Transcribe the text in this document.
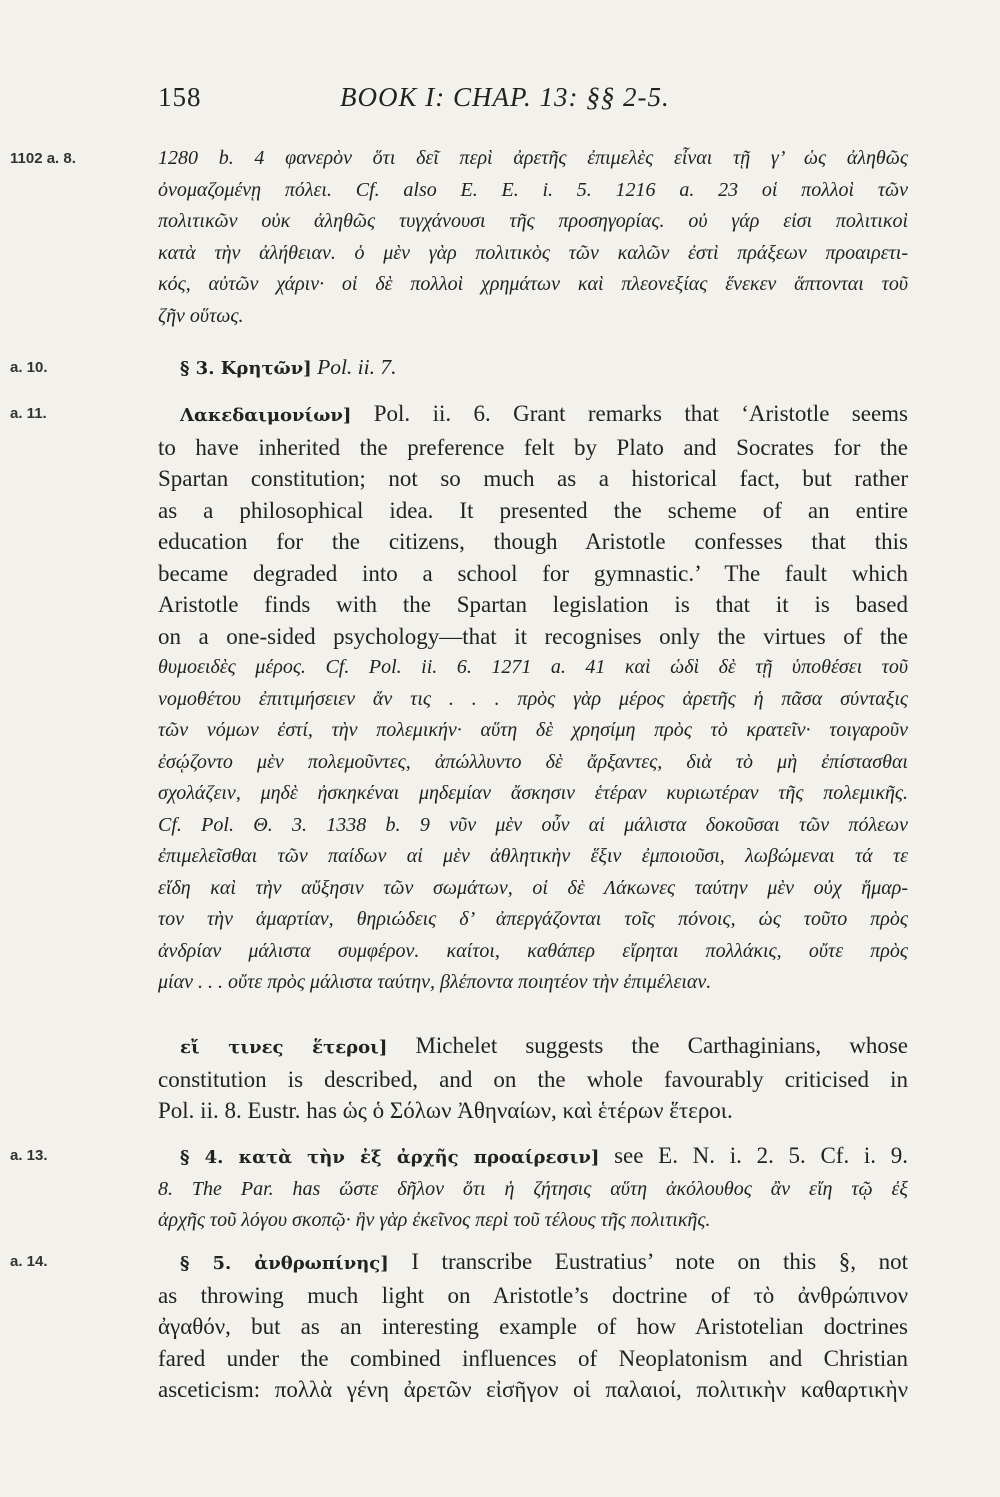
158	BOOK I: CHAP. 13: §§ 2-5.
1102 a. 8.	1280 b. 4 φανερὸν ὅτι δεῖ περὶ ἀρετῆς ἐπιμελὲς εἶναι τῇ γ’ ὡς ἀληθῶς
ὀνομαζομένῃ πόλει. Cf. also E. E. i. 5. 1216 a. 23 οἱ πολλοὶ τῶν
πολιτικῶν οὐκ ἀληθῶς τυγχάνουσι τῆς προσηγορίας. οὐ γάρ εἰσι πολιτικοὶ
κατὰ τὴν ἀλήθειαν. ὁ μὲν γὰρ πολιτικὸς τῶν καλῶν ἐστὶ πράξεων προαιρετι-
κός, αὐτῶν χάριν· οἱ δὲ πολλοὶ χρημάτων καὶ πλεονεξίας ἕνεκεν ἅπτονται τοῦ
ζῆν οὕτως.
a. 10.	§ 3. Κρητῶν] Pol. ii. 7.
a. 11.	Λακεδαιμονίων] Pol. ii. 6. Grant remarks that ‘Aristotle seems
to have inherited the preference felt by Plato and Socrates for the
Spartan constitution; not so much as a historical fact, but rather
as a philosophical idea. It presented the scheme of an entire
education for the citizens, though Aristotle confesses that this
became degraded into a school for gymnastic.’ The fault which
Aristotle finds with the Spartan legislation is that it is based
on a one-sided psychology—that it recognises only the virtues of the
θυμοειδὲς μέρος. Cf. Pol. ii. 6. 1271 a. 41 καὶ ὡδὶ δὲ τῇ ὑποθέσει τοῦ
νομοθέτου ἐπιτιμήσειεν ἄν τις . . . πρὸς γὰρ μέρος ἀρετῆς ἡ πᾶσα σύνταξις
τῶν νόμων ἐστί, τὴν πολεμικήν· αὕτη δὲ χρησίμη πρὸς τὸ κρατεῖν· τοιγαροῦν
ἐσῴζοντο μὲν πολεμοῦντες, ἀπώλλυντο δὲ ἄρξαντες, διὰ τὸ μὴ ἐπίστασθαι
σχολάζειν, μηδὲ ἠσκηκέναι μηδεμίαν ἄσκησιν ἑτέραν κυριωτέραν τῆς πολεμικῆς.
Cf. Pol. Θ. 3. 1338 b. 9 νῦν μὲν οὖν αἱ μάλιστα δοκοῦσαι τῶν πόλεων
ἐπιμελεῖσθαι τῶν παίδων αἱ μὲν ἀθλητικὴν ἕξιν ἐμποιοῦσι, λωβώμεναι τά τε
εἴδη καὶ τὴν αὔξησιν τῶν σωμάτων, οἱ δὲ Λάκωνες ταύτην μὲν οὐχ ἥμαρ-
τον τὴν ἁμαρτίαν, θηριώδεις δ’ ἀπεργάζονται τοῖς πόνοις, ὡς τοῦτο πρὸς
ἀνδρίαν μάλιστα συμφέρον. καίτοι, καθάπερ εἴρηται πολλάκις, οὔτε πρὸς
μίαν . . . οὔτε πρὸς μάλιστα ταύτην, βλέποντα ποιητέον τὴν ἐπιμέλειαν.
εἴ τινες ἕτεροι] Michelet suggests the Carthaginians, whose
constitution is described, and on the whole favourably criticised in
Pol. ii. 8. Eustr. has ὡς ὁ Σόλων Ἀθηναίων, καὶ ἑτέρων ἕτεροι.
a. 13.	§ 4. κατὰ τὴν ἐξ ἀρχῆς προαίρεσιν] see E. N. i. 2. 5. Cf. i. 9.
8. The Par. has ὥστε δῆλον ὅτι ἡ ζήτησις αὕτη ἀκόλουθος ἂν εἴη τῷ ἐξ
ἀρχῆς τοῦ λόγου σκοπῷ· ἣν γὰρ ἐκεῖνος περὶ τοῦ τέλους τῆς πολιτικῆς.
a. 14.	§ 5. ἀνθρωπίνης] I transcribe Eustratius’ note on this §, not
as throwing much light on Aristotle’s doctrine of τὸ ἀνθρώπινον
ἀγαθόν, but as an interesting example of how Aristotelian doctrines
fared under the combined influences of Neoplatonism and Christian
asceticism: πολλὰ γένη ἀρετῶν εἰσῆγον οἱ παλαιοί, πολιτικὴν καθαρτικὴν
